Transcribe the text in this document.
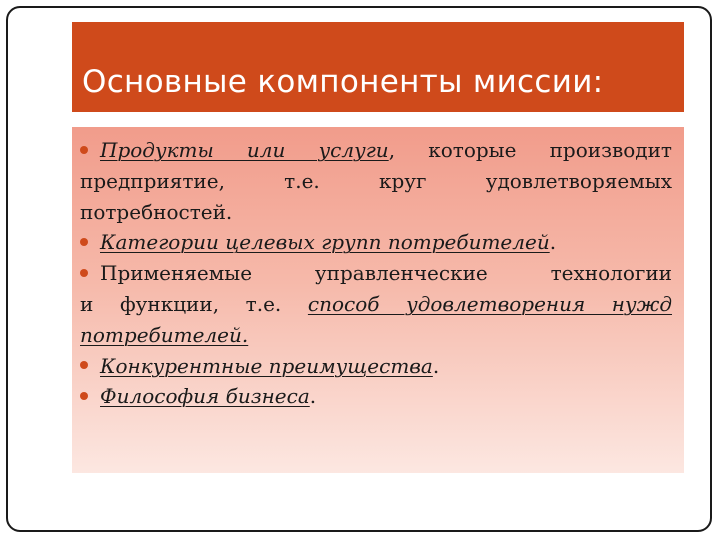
Основные компоненты миссии:

Продукты или услуги, которые производит

предприятие, т.е. круг удовлетворяемых

потребностей.

Категории целевых групп потребителей.

Применяемые управленческие технологии

и функции, т.е. способ удовлетворения нужд

потребителей.

Конкурентные преимущества.

Философия бизнеса.
